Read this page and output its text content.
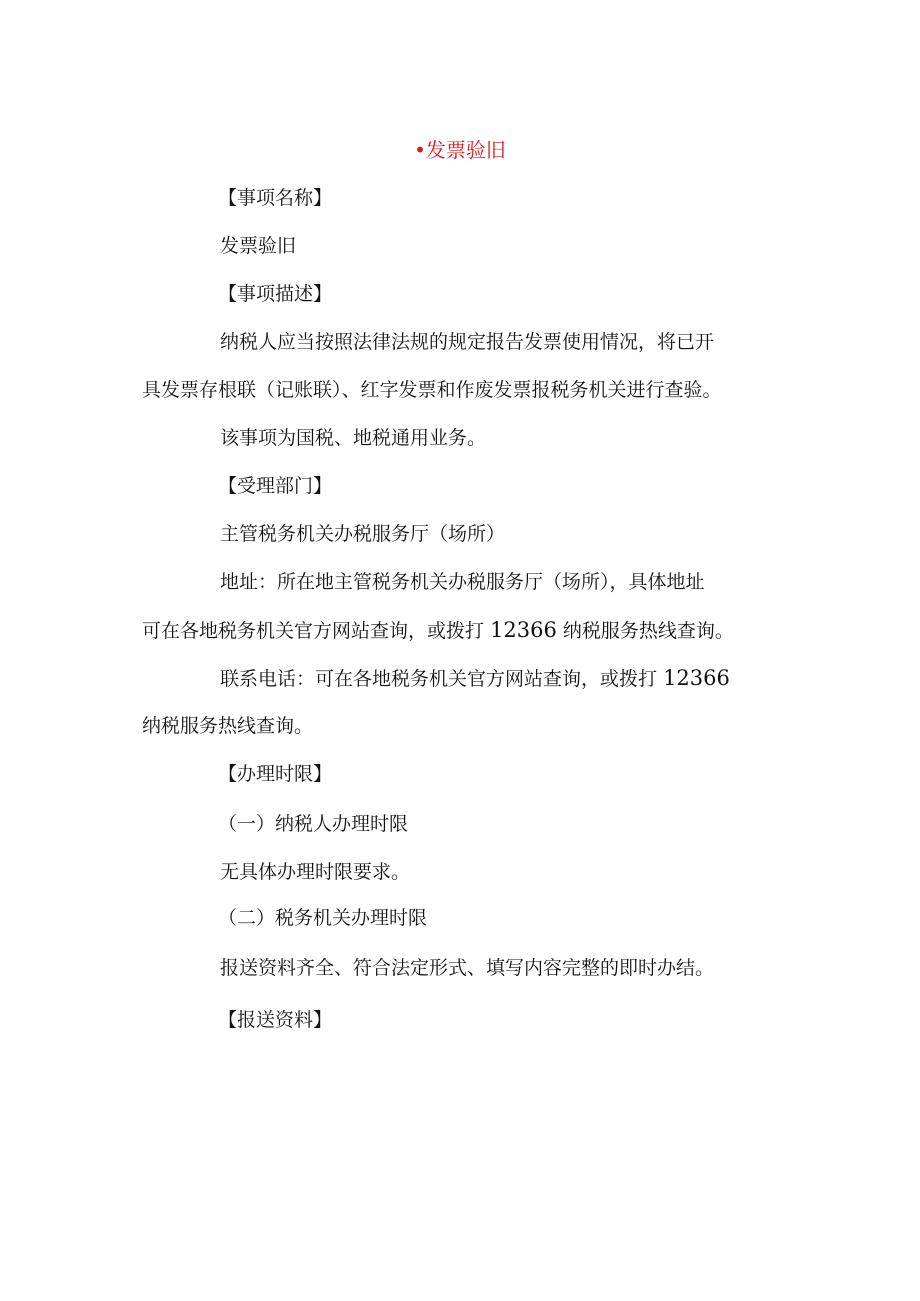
•发票验旧
【事项名称】
发票验旧
【事项描述】
纳税人应当按照法律法规的规定报告发票使用情况，将已开
具发票存根联（记账联）、红字发票和作废发票报税务机关进行查验。
该事项为国税、地税通用业务。
【受理部门】
主管税务机关办税服务厅（场所）
地址：所在地主管税务机关办税服务厅（场所），具体地址
可在各地税务机关官方网站查询，或拨打 12366 纳税服务热线查询。
联系电话：可在各地税务机关官方网站查询，或拨打 12366
纳税服务热线查询。
【办理时限】
（一）纳税人办理时限
无具体办理时限要求。
（二）税务机关办理时限
报送资料齐全、符合法定形式、填写内容完整的即时办结。
【报送资料】
